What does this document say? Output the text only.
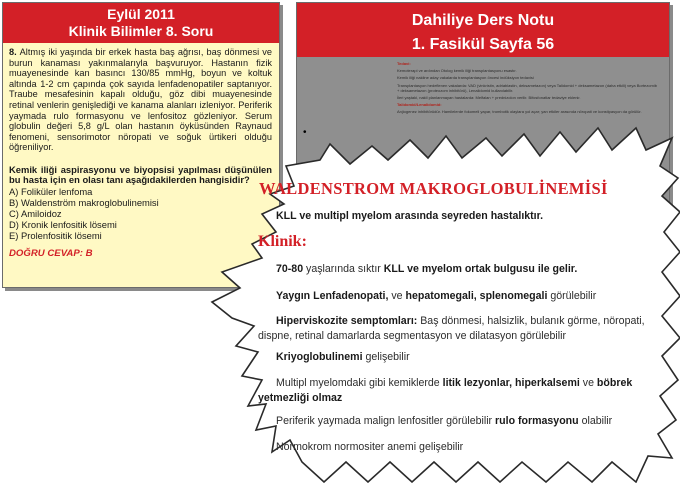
Eylül 2011
Klinik Bilimler 8. Soru
8. Altmış iki yaşında bir erkek hasta baş ağrısı, baş dönmesi ve burun kanaması yakınmalarıyla başvuruyor. Hastanın fizik muayenesinde kan basıncı 130/85 mmHg, boyun ve koltuk altında 1-2 cm çapında çok sayıda lenfadenopatiler saptanıyor. Traube mesafesinin kapalı olduğu, göz dibi muayenesinde retinal venlerin genişlediği ve kanama alanları izleniyor. Periferik yaymada rulo formasyonu ve lenfositoz gözleniyor. Serum globulin değeri 5,8 g/L olan hastanın öyküsünden Raynaud fenomeni, sensorimotor nöropati ve soğuk ürtikeri olduğu öğreniliyor.
Kemik iliği aspirasyonu ve biyopsisi yapılması düşünülen bu hasta için en olası tanı aşağıdakilerden hangisidir?
A) Foliküler lenfoma
B) Waldenström makroglobulinemisi
C) Amiloidoz
D) Kronik lenfositik lösemi
E) Prolenfositik lösemi
DOĞRU CEVAP: B
Dahiliye Ders Notu
1. Fasikül Sayfa 56
•
Tedavi:
Kemoterapi ve ardından Otolog kemik iliği transplantasyonu esastır.
Kemik iliği nakline aday vakalarda transplantasyon öncesi indüksiyon tedavisi
Transplantasyon hedeflenen vakalarda: VAD (vinkristin, adriablastin, deksametazon) veya Talidomid + deksametazon (daha etkili) veya Bortezomib + deksametazon (proteozom inhibitörü), Lenalidomid kullanılabilir.
İleri yaştaki, nakil planlanmayan hastalarda: Melfalan + prednizolon verilir. Bifosfonatlar tedaviye eklenir.
Talidomid/Lenalidomid:
Anjiogenez inhibitörüdür. Hamilelerde fokomeli yapar, trombotik olaylara yol açar; yan etkiler arasında nöropati ve konstipasyon da görülür.
WALDENSTROM MAKROGLOBULİNEMİSİ
KLL ve multipl myelom arasında seyreden hastalıktır.
Klinik:
70-80 yaşlarında sıktır KLL ve myelom ortak bulgusu ile gelir.
Yaygın Lenfadenopati, ve hepatomegali, splenomegali görülebilir
Hiperviskozite semptomları: Baş dönmesi, halsizlik, bulanık görme, nöropati,
dispne, retinal damarlarda segmentasyon ve dilatasyon görülebilir
Kriyoglobulinemi gelişebilir
Multipl myelomdaki gibi kemiklerde litik lezyonlar, hiperkalsemi ve böbrek
yetmezliği olmaz
Periferik yaymada malign lenfositler görülebilir rulo formasyonu olabilir
Normokrom normositer anemi gelişebilir
